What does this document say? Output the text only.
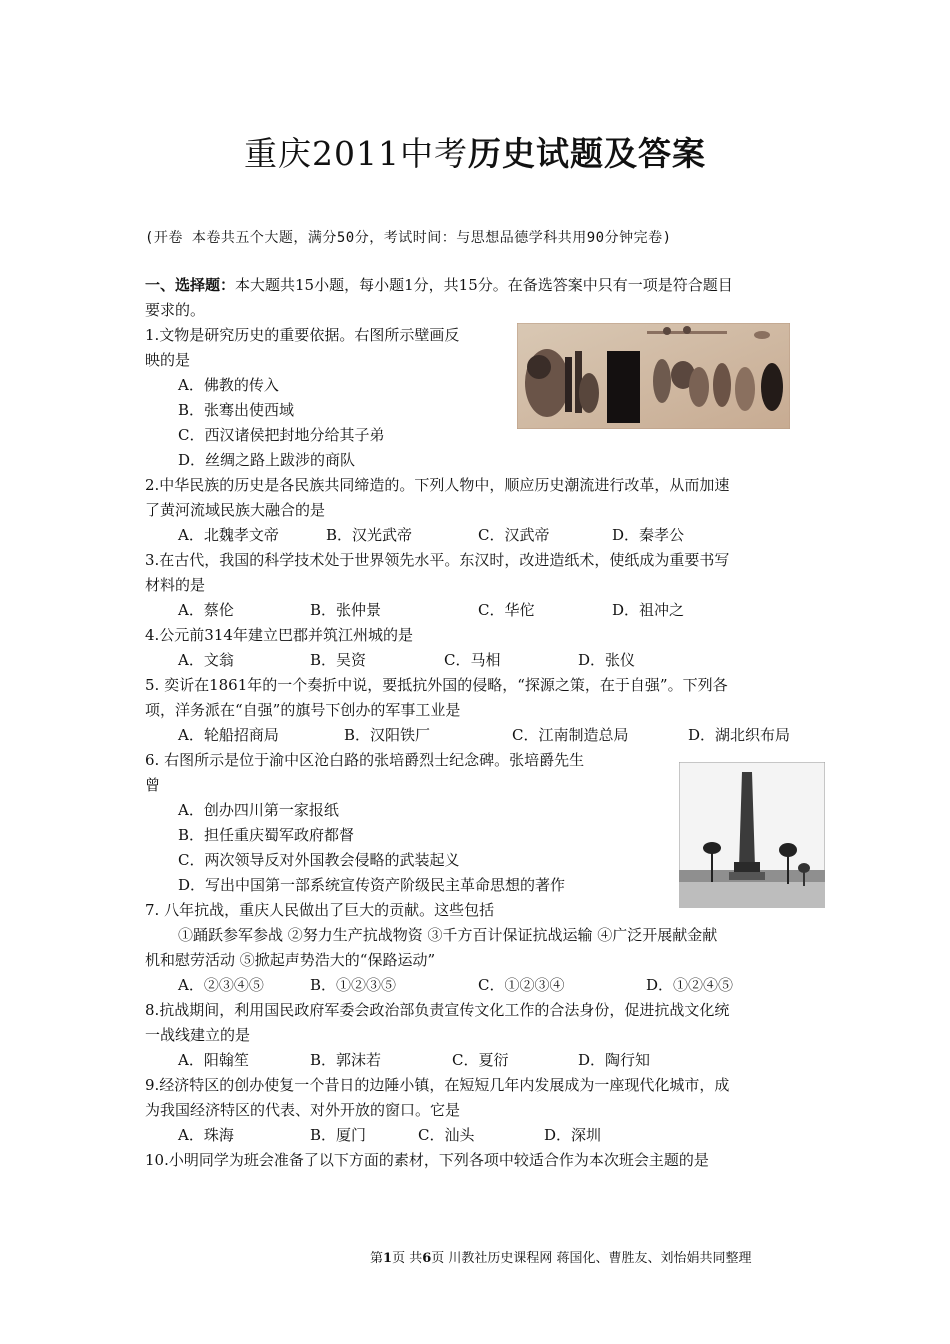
重庆2011中考历史试题及答案
(开卷 本卷共五个大题，满分50分，考试时间：与思想品德学科共用90分钟完卷)
一、选择题：本大题共15小题，每小题1分，共15分。在备选答案中只有一项是符合题目
要求的。
1.文物是研究历史的重要依据。右图所示壁画反
映的是
A．佛教的传入
B．张骞出使西域
C．西汉诸侯把封地分给其子弟
D．丝绸之路上跋涉的商队
2.中华民族的历史是各民族共同缔造的。下列人物中，顺应历史潮流进行改革，从而加速
了黄河流域民族大融合的是
A．北魏孝文帝	B．汉光武帝	C．汉武帝	D．秦孝公
3.在古代，我国的科学技术处于世界领先水平。东汉时，改进造纸术，使纸成为重要书写
材料的是
A．蔡伦	B．张仲景	C．华佗	D．祖冲之
4.公元前314年建立巴郡并筑江州城的是
A．文翁	B．吴资	C．马相	D．张仪
5. 奕䜣在1861年的一个奏折中说，要抵抗外国的侵略，“探源之策，在于自强”。下列各
项，洋务派在“自强”的旗号下创办的军事工业是
A．轮船招商局	B．汉阳铁厂	C．江南制造总局	D．湖北织布局
6. 右图所示是位于渝中区沧白路的张培爵烈士纪念碑。张培爵先生
曾
A．创办四川第一家报纸
B．担任重庆蜀军政府都督
C．两次领导反对外国教会侵略的武装起义
D．写出中国第一部系统宣传资产阶级民主革命思想的著作
7. 八年抗战，重庆人民做出了巨大的贡献。这些包括
①踊跃参军参战 ②努力生产抗战物资 ③千方百计保证抗战运输 ④广泛开展献金献
机和慰劳活动 ⑤掀起声势浩大的“保路运动”
A．②③④⑤	B．①②③⑤	C．①②③④	D．①②④⑤
8.抗战期间，利用国民政府军委会政治部负责宣传文化工作的合法身份，促进抗战文化统
一战线建立的是
A．阳翰笙	B．郭沫若	C．夏衍	D．陶行知
9.经济特区的创办使复一个昔日的边陲小镇，在短短几年内发展成为一座现代化城市，成
为我国经济特区的代表、对外开放的窗口。它是
A．珠海	B．厦门	C．汕头	D．深圳
10.小明同学为班会准备了以下方面的素材，下列各项中较适合作为本次班会主题的是
第1页 共6页 川教社历史课程网 蒋国化、曹胜友、刘怡娟共同整理
